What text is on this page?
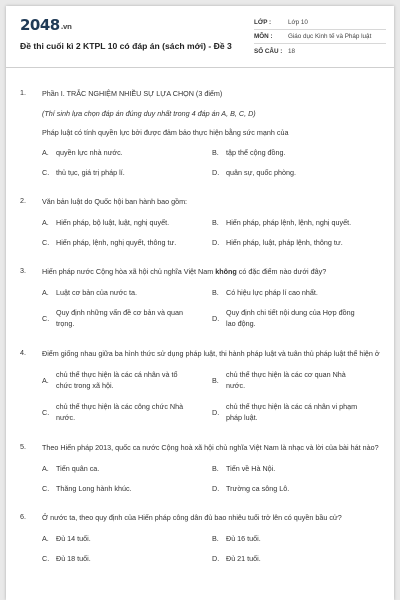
2048.vn
Đề thi cuối kì 2 KTPL 10 có đáp án (sách mới) - Đề 3
LỚP :	Lớp 10
MÔN :	Giáo dục Kinh tế và Pháp luật
SỐ CÂU : 18
1.	Phần I. TRẮC NGHIỆM NHIỀU SỰ LỰA CHỌN (3 điểm)
(Thí sinh lựa chọn đáp án đúng duy nhất trong 4 đáp án A, B, C, D)
Pháp luật có tính quyền lực bởi được đảm bảo thực hiện bằng sức mạnh của
A.	quyền lực nhà nước.	B.	tập thể cộng đồng.
C. thủ tục, giá trị pháp lí.	D. quân sự, quốc phòng.
2.	Văn bản luật do Quốc hội ban hành bao gồm:
A.	Hiến pháp, bộ luật, luật, nghị quyết.	B.	Hiến pháp, pháp lệnh, lệnh, nghị quyết.
C. Hiến pháp, lệnh, nghị quyết, thông tư.	D. Hiến pháp, luật, pháp lệnh, thông tư.
3.	Hiến pháp nước Cộng hòa xã hội chủ nghĩa Việt Nam không có đặc điểm nào dưới đây?
A.	Luật cơ bản của nước ta.	B.	Có hiệu lực pháp lí cao nhất.
C.
Quy định những vấn đề cơ bản và quan trọng.
D.
Quy định chi tiết nội dung của Hợp đồng lao động.
4.	Điểm giống nhau giữa ba hình thức sử dụng pháp luật, thi hành pháp luật và tuân thủ pháp luật thể hiện ở
A.
chủ thể thực hiện là các cá nhân và tổ chức trong xã hội.
B.
chủ thể thực hiện là các cơ quan Nhà nước.
C.
chủ thể thực hiện là các công chức Nhà nước.
D.
chủ thể thực hiện là các cá nhân vi phạm pháp luật.
5.	Theo Hiến pháp 2013, quốc ca nước Cộng hoà xã hội chủ nghĩa Việt Nam là nhạc và lời của bài hát nào?
A.	Tiến quân ca.	B.	Tiến về Hà Nội.
C. Thăng Long hành khúc.	D. Trường ca sông Lô.
6.	Ở nước ta, theo quy định của Hiến pháp công dân đủ bao nhiêu tuổi trở lên có quyền bầu cử?
A.	Đủ 14 tuổi.	B.	Đủ 16 tuổi.
C. Đủ 18 tuổi.	D. Đủ 21 tuổi.
